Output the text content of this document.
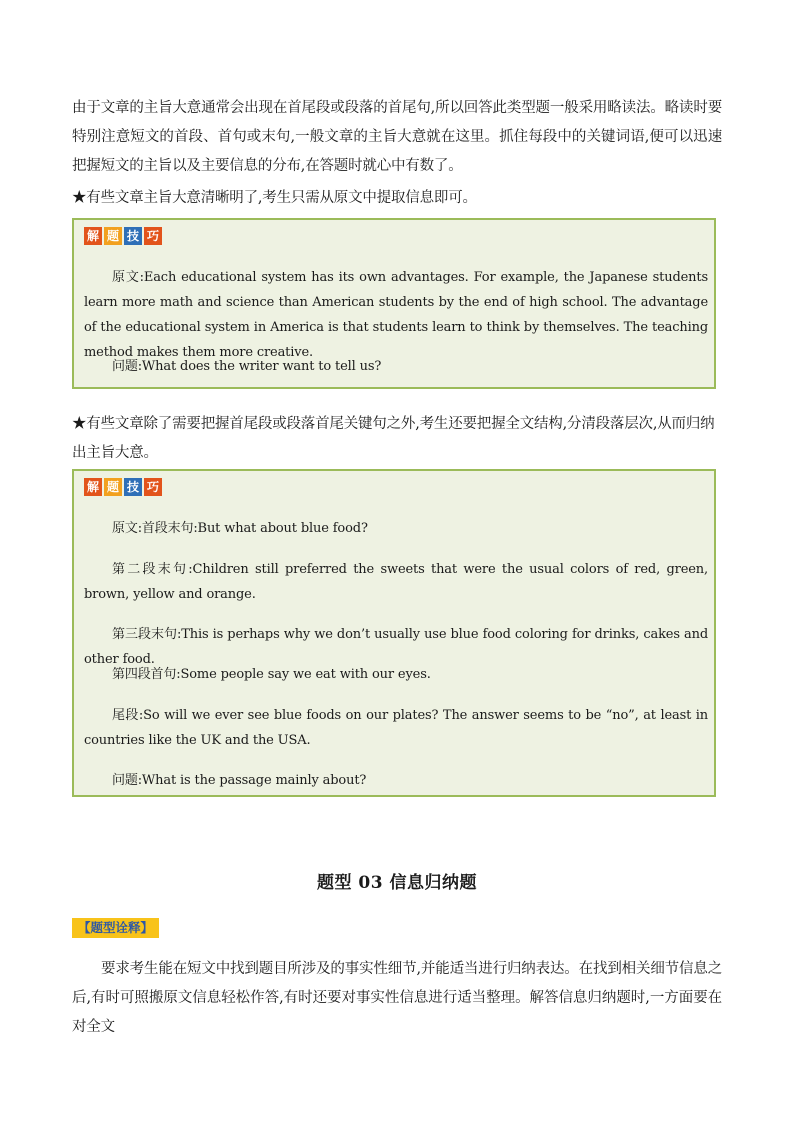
由于文章的主旨大意通常会出现在首尾段或段落的首尾句,所以回答此类型题一般采用略读法。略读时要特别注意短文的首段、首句或末句,一般文章的主旨大意就在这里。抓住每段中的关键词语,便可以迅速把握短文的主旨以及主要信息的分布,在答题时就心中有数了。
★有些文章主旨大意清晰明了,考生只需从原文中提取信息即可。
解 题 技 巧

原文:Each educational system has its own advantages. For example, the Japanese students learn more math and science than American students by the end of high school. The advantage of the educational system in America is that students learn to think by themselves. The teaching method makes them more creative.

问题:What does the writer want to tell us?

★有些文章除了需要把握首尾段或段落首尾关键句之外,考生还要把握全文结构,分清段落层次,从而归纳出主旨大意。
解 题 技 巧

原文:首段末句:But what about blue food?

第二段末句:Children still preferred the sweets that were the usual colors of red, green, brown, yellow and orange.

第三段末句:This is perhaps why we don’t usually use blue food coloring for drinks, cakes and other food.

第四段首句:Some people say we eat with our eyes.

尾段:So will we ever see blue foods on our plates? The answer seems to be “no”, at least in countries like the UK and the USA.

问题:What is the passage mainly about?

题型 03 信息归纳题
【题型诠释】
要求考生能在短文中找到题目所涉及的事实性细节,并能适当进行归纳表达。在找到相关细节信息之后,有时可照搬原文信息轻松作答,有时还要对事实性信息进行适当整理。解答信息归纳题时,一方面要在对全文
